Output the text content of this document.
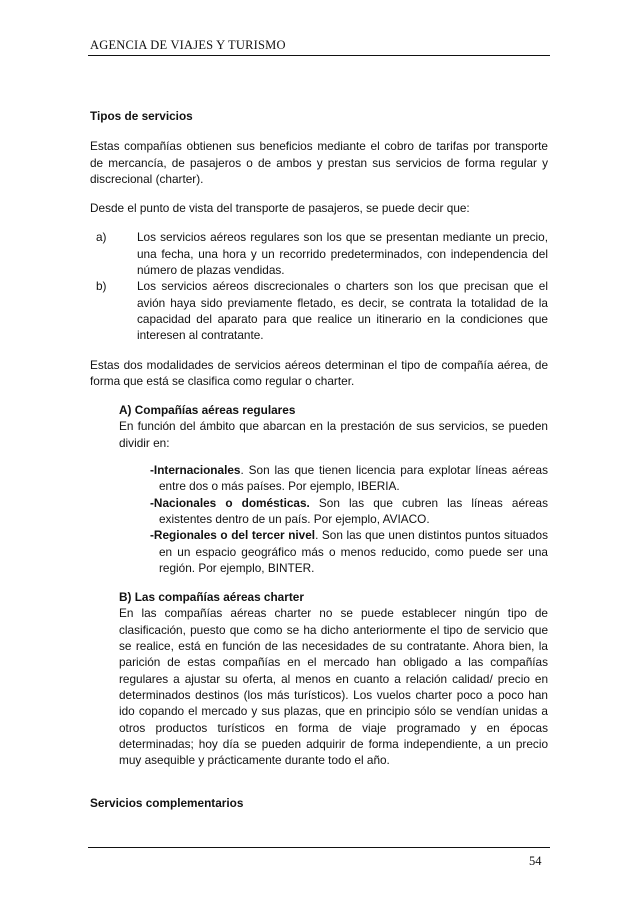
AGENCIA DE VIAJES Y TURISMO

Tipos de servicios

Estas compañías obtienen sus beneficios mediante el cobro de tarifas por transporte de mercancía, de pasajeros o de ambos y prestan sus servicios de forma regular y discrecional (charter).

Desde el punto de vista del transporte de pasajeros, se puede decir que:

a)	Los servicios aéreos regulares son los que se presentan mediante un precio, una fecha, una hora y un recorrido predeterminados, con independencia del número de plazas vendidas.
b)	Los servicios aéreos discrecionales o charters son los que precisan que el avión haya sido previamente fletado, es decir, se contrata la totalidad de la capacidad del aparato para que realice un itinerario en la condiciones que interesen al contratante.

Estas dos modalidades de servicios aéreos determinan el tipo de compañía aérea, de forma que está se clasifica como regular o charter.

A) Compañías aéreas regulares

En función del ámbito que abarcan en la prestación de sus servicios, se pueden dividir en:

-Internacionales. Son las que tienen licencia para explotar líneas aéreas entre dos o más países. Por ejemplo, IBERIA.

-Nacionales o domésticas. Son las que cubren las líneas aéreas existentes dentro de un país. Por ejemplo, AVIACO.

-Regionales o del tercer nivel. Son las que unen distintos puntos situados en un espacio geográfico más o menos reducido, como puede ser una región. Por ejemplo, BINTER.

B) Las compañías aéreas charter

En las compañías aéreas charter no se puede establecer ningún tipo de clasificación, puesto que como se ha dicho anteriormente el tipo de servicio que se realice, está en función de las necesidades de su contratante. Ahora bien, la parición de estas compañías en el mercado han obligado a las compañías regulares a ajustar su oferta, al menos en cuanto a relación calidad/ precio en determinados destinos (los más turísticos). Los vuelos charter poco a poco han ido copando el mercado y sus plazas, que en principio sólo se vendían unidas a otros productos turísticos en forma de viaje programado y en épocas determinadas; hoy día se pueden adquirir de forma independiente, a un precio muy asequible y prácticamente durante todo el año.

Servicios complementarios

54
